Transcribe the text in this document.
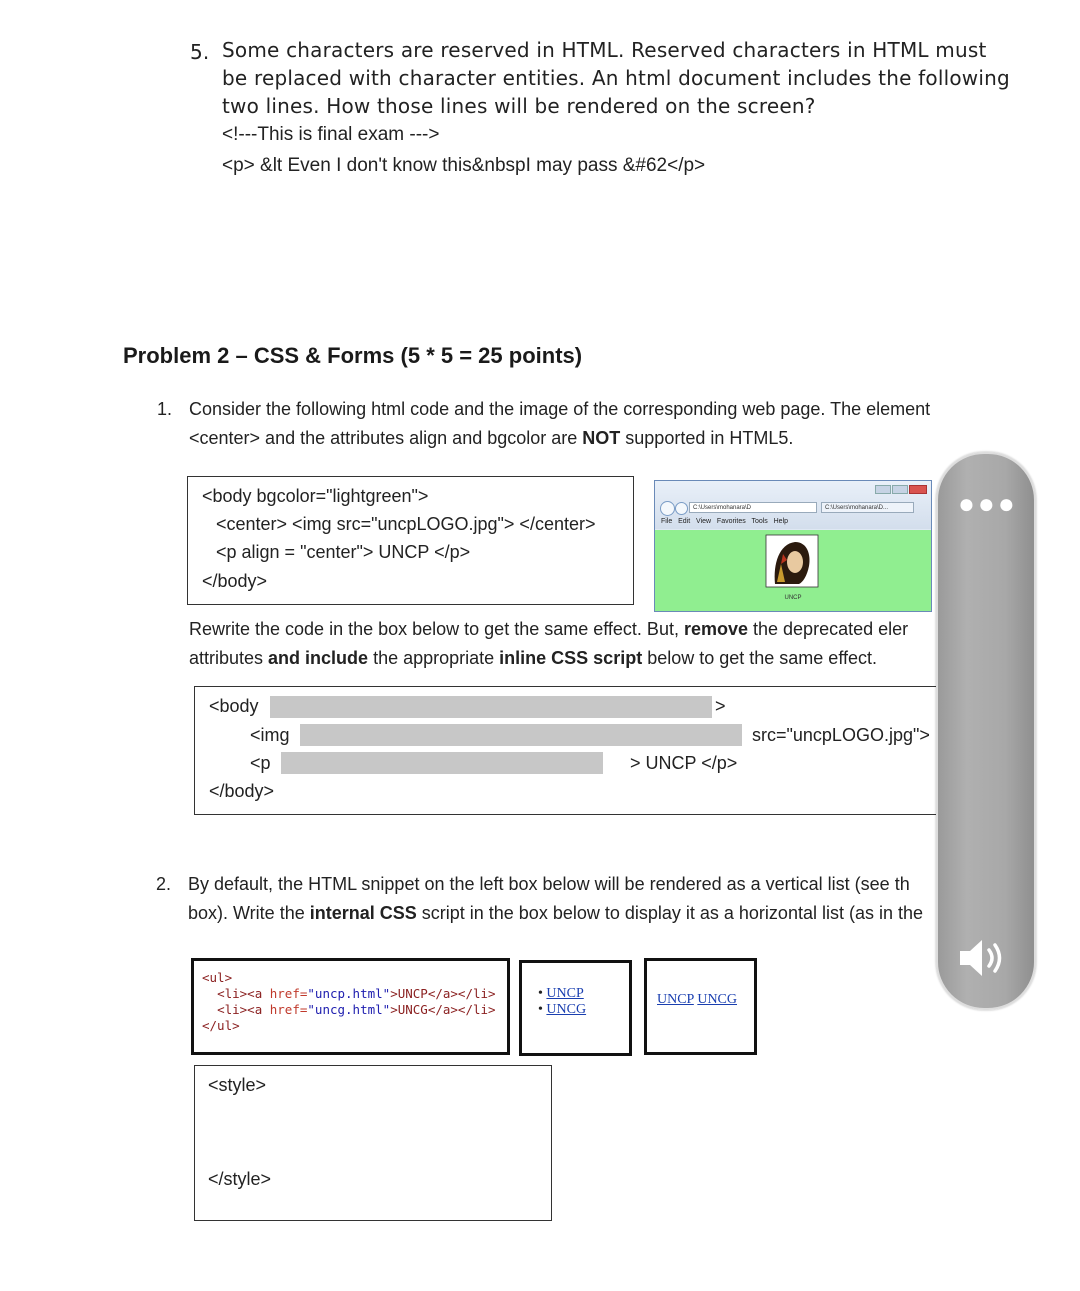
5. Some characters are reserved in HTML. Reserved characters in HTML must
be replaced with character entities. An html document includes the following
two lines. How those lines will be rendered on the screen?
<!---This is final exam --->
<p> &lt Even I don't know this&nbspI may pass &#62</p>
Problem 2 – CSS & Forms (5 * 5 = 25 points)
1. Consider the following html code and the image of the corresponding web page. The element
<center> and the attributes align and bgcolor are NOT supported in HTML5.
<body bgcolor="lightgreen">
<center> <img src="uncpLOGO.jpg"> </center>
<p align = "center"> UNCP </p>
</body>
C:\Users\mohanara\D	C:\Users\mohanara\D...
File Edit View Favorites Tools Help
UNCP
Rewrite the code in the box below to get the same effect. But, remove the deprecated eler
attributes and include the appropriate inline CSS script below to get the same effect.
<body	>
<img	src="uncpLOGO.jpg">
<p	> UNCP </p>
</body>
2. By default, the HTML snippet on the left box below will be rendered as a vertical list (see th
box). Write the internal CSS script in the box below to display it as a horizontal list (as in the
<ul>
<li><a href="uncp.html">UNCP</a></li>
<li><a href="uncg.html">UNCG</a></li>
</ul>
• UNCP
• UNCG
UNCP UNCG
<style>
</style>
●●●
